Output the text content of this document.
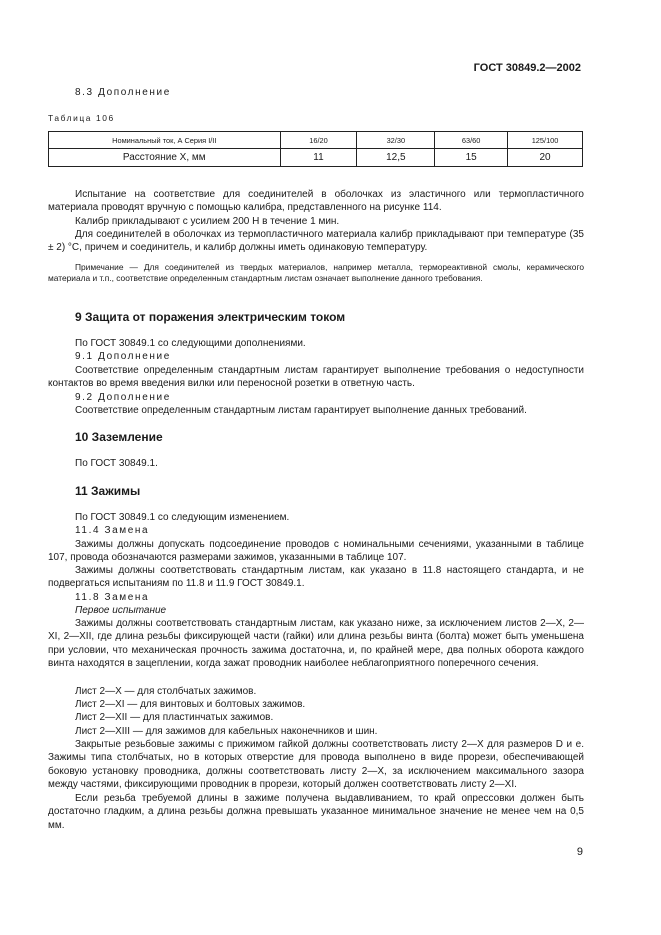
ГОСТ 30849.2—2002
8.3 Дополнение
Таблица 106
Номинальный ток, А Серия I/II	16/20	32/30	63/60	125/100
Расстояние X, мм	11	12,5	15	20
Испытание на соответствие для соединителей в оболочках из эластичного или термопластичного материала проводят вручную с помощью калибра, представленного на рисунке 114.
Калибр прикладывают с усилием 200 Н в течение 1 мин.
Для соединителей в оболочках из термопластичного материала калибр прикладывают при температуре (35 ± 2) °С, причем и соединитель, и калибр должны иметь одинаковую температуру.
Примечание — Для соединителей из твердых материалов, например металла, термореактивной смолы, керамического материала и т.п., соответствие определенным стандартным листам означает выполнение данного требования.
9 Защита от поражения электрическим током
По ГОСТ 30849.1 со следующими дополнениями.
9.1 Дополнение
Соответствие определенным стандартным листам гарантирует выполнение требования о недоступности контактов во время введения вилки или переносной розетки в ответную часть.
9.2 Дополнение
Соответствие определенным стандартным листам гарантирует выполнение данных требований.
10 Заземление
По ГОСТ 30849.1.
11 Зажимы
По ГОСТ 30849.1 со следующим изменением.
11.4 Замена
Зажимы должны допускать подсоединение проводов с номинальными сечениями, указанными в таблице 107, провода обозначаются размерами зажимов, указанными в таблице 107.
Зажимы должны соответствовать стандартным листам, как указано в 11.8 настоящего стандарта, и не подвергаться испытаниям по 11.8 и 11.9 ГОСТ 30849.1.
11.8 Замена
Первое испытание
Зажимы должны соответствовать стандартным листам, как указано ниже, за исключением листов 2—X, 2—XI, 2—XII, где длина резьбы фиксирующей части (гайки) или длина резьбы винта (болта) может быть уменьшена при условии, что механическая прочность зажима достаточна, и, по крайней мере, два полных оборота каждого винта находятся в зацеплении, когда зажат проводник наиболее неблагоприятного поперечного сечения.
Лист 2—X — для столбчатых зажимов.
Лист 2—XI — для винтовых и болтовых зажимов.
Лист 2—XII — для пластинчатых зажимов.
Лист 2—XIII — для зажимов для кабельных наконечников и шин.
Закрытые резьбовые зажимы с прижимом гайкой должны соответствовать листу 2—X для размеров D и e. Зажимы типа столбчатых, но в которых отверстие для провода выполнено в виде прорези, обеспечивающей боковую установку проводника, должны соответствовать листу 2—X, за исключением максимального зазора между частями, фиксирующими проводник в прорези, который должен соответствовать листу 2—XI.
Если резьба требуемой длины в зажиме получена выдавливанием, то край опрессовки должен быть достаточно гладким, а длина резьбы должна превышать указанное минимальное значение не менее чем на 0,5 мм.
9
